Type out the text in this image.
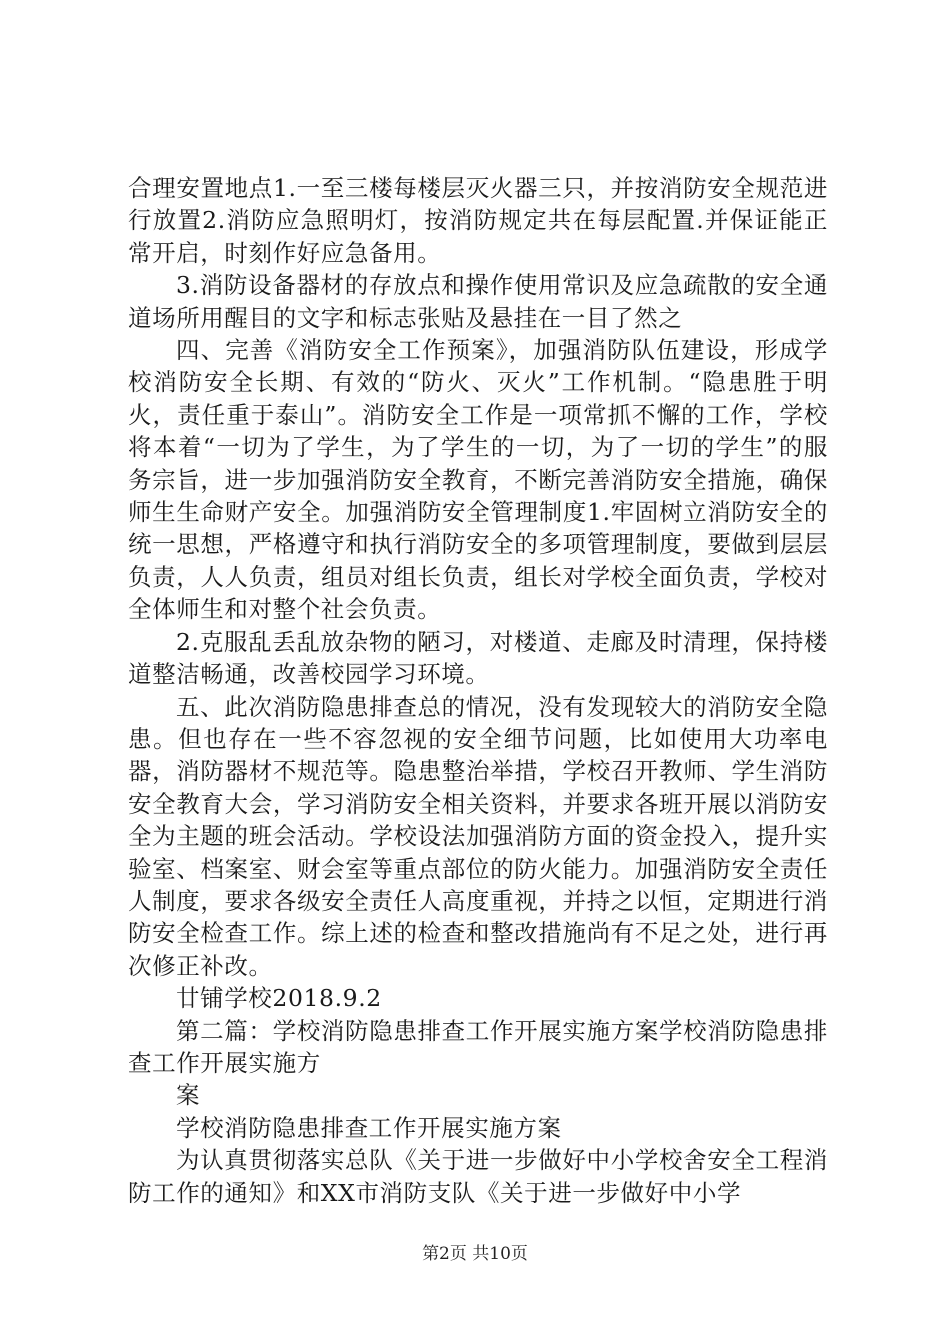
合理安置地点1.一至三楼每楼层灭火器三只，并按消防安全规范进行放置2.消防应急照明灯，按消防规定共在每层配置.并保证能正常开启，时刻作好应急备用。

3.消防设备器材的存放点和操作使用常识及应急疏散的安全通道场所用醒目的文字和标志张贴及悬挂在一目了然之

四、完善《消防安全工作预案》，加强消防队伍建设，形成学校消防安全长期、有效的“防火、灭火”工作机制。“隐患胜于明火，责任重于泰山”。消防安全工作是一项常抓不懈的工作，学校将本着“一切为了学生，为了学生的一切，为了一切的学生”的服务宗旨，进一步加强消防安全教育，不断完善消防安全措施，确保师生生命财产安全。加强消防安全管理制度1.牢固树立消防安全的统一思想，严格遵守和执行消防安全的多项管理制度，要做到层层负责，人人负责，组员对组长负责，组长对学校全面负责，学校对全体师生和对整个社会负责。

2.克服乱丢乱放杂物的陋习，对楼道、走廊及时清理，保持楼道整洁畅通，改善校园学习环境。

五、此次消防隐患排查总的情况，没有发现较大的消防安全隐患。但也存在一些不容忽视的安全细节问题，比如使用大功率电器，消防器材不规范等。隐患整治举措，学校召开教师、学生消防安全教育大会，学习消防安全相关资料，并要求各班开展以消防安全为主题的班会活动。学校设法加强消防方面的资金投入，提升实验室、档案室、财会室等重点部位的防火能力。加强消防安全责任人制度，要求各级安全责任人高度重视，并持之以恒，定期进行消防安全检查工作。综上述的检查和整改措施尚有不足之处，进行再次修正补改。

廿铺学校2018.9.2

第二篇：学校消防隐患排查工作开展实施方案学校消防隐患排查工作开展实施方

案

学校消防隐患排查工作开展实施方案

为认真贯彻落实总队《关于进一步做好中小学校舍安全工程消防工作的通知》和XX市消防支队《关于进一步做好中小学

第2页 共10页
